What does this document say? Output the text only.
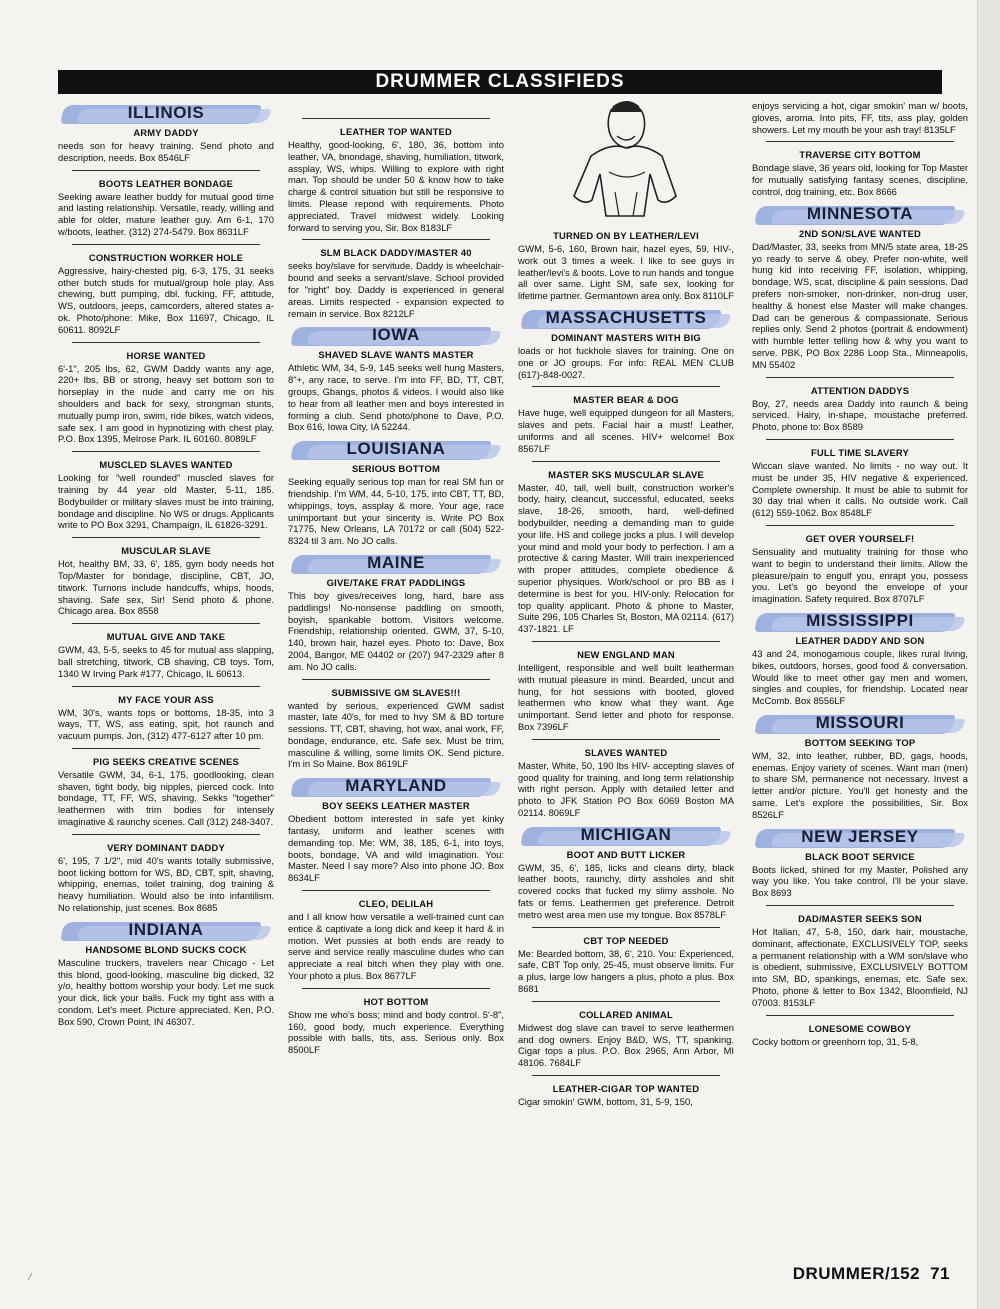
DRUMMER CLASSIFIEDS
ILLINOIS
ARMY DADDY

needs son for heavy training. Send photo and description, needs. Box 8546LF

BOOTS LEATHER BONDAGE

Seeking aware leather buddy for mutual good time and lasting relationship. Versatile, ready, willing and able for older, mature leather guy. Am 6-1, 170 w/boots, leather. (312) 274-5479. Box 8631LF

CONSTRUCTION WORKER HOLE

Aggressive, hairy-chested pig, 6-3, 175, 31 seeks other butch studs for mutual/group hole play. Ass chewing, butt pumping, dbl. fucking, FF, attitude, WS, outdoors, jeeps, camcorders, altered states a-ok. Photo/phone: Mike, Box 11697, Chicago, IL 60611. 8092LF

HORSE WANTED

6'-1", 205 lbs, 62, GWM Daddy wants any age, 220+ lbs, BB or strong, heavy set bottom son to horseplay in the nude and carry me on his shoulders and back for sexy, strongman stunts, mutually pump iron, swim, ride bikes, watch videos, safe sex. I am good in hypnotizing with chest play. P.O. Box 1395, Melrose Park. IL 60160. 8089LF

MUSCLED SLAVES WANTED

Looking for "well rounded" muscled slaves for training by 44 year old Master, 5-11, 185. Bodybuilder or military slaves must be into training, bondage and discipline. No WS or drugs. Applicants write to PO Box 3291, Champaign, IL 61826-3291.

MUSCULAR SLAVE

Hot, healthy BM, 33, 6', 185, gym body needs hot Top/Master for bondage, discipline, CBT, JO, titwork. Turnons include handcuffs, whips, hoods, shaving. Safe sex, Sir! Send photo & phone. Chicago area. Box 8558

MUTUAL GIVE AND TAKE

GWM, 43, 5-5, seeks to 45 for mutual ass slapping, ball stretching, titwork, CB shaving, CB toys. Tom, 1340 W Irving Park #177, Chicago, IL 60613.

MY FACE YOUR ASS

WM, 30's, wants tops or bottoms, 18-35, into 3 ways, TT, WS, ass eating, spit, hot raunch and vacuum pumps. Jon, (312) 477-6127 after 10 pm.

PIG SEEKS CREATIVE SCENES

Versatile GWM, 34, 6-1, 175, goodlooking, clean shaven, tight body, big nipples, pierced cock. Into bondage, TT, FF, WS, shaving. Sekks "together" leathermen with trim bodies for intensely imaginative & raunchy scenes. Call (312) 248-3407.

VERY DOMINANT DADDY

6', 195, 7 1/2", mid 40's wants totally submissive, boot licking bottom for WS, BD, CBT, spit, shaving, whipping, enemas, toilet training, dog training & heavy humiliation. Would also be into infantilism. No relationship, just scenes. Box 8685

INDIANA
HANDSOME BLOND SUCKS COCK

Masculine truckers, travelers near Chicago - Let this blond, good-looking, masculine big dicked, 32 y/o, healthy bottom worship your body. Let me suck your dick, lick your balls. Fuck my tight ass with a condom. Let's meet. Picture appreciated. Ken, P.O. Box 590, Crown Point, IN 46307.

LEATHER TOP WANTED

Healthy, good-looking, 6', 180, 36, bottom into leather, VA, bnondage, shaving, humiliation, titwork, assplay, WS, whips. Willing to explore with right man. Top should be under 50 & know how to take charge & control situation but still be responsive to limits. Please repond with requirements. Photo appreciated. Travel midwest widely. Looking forward to serving you, Sir. Box 8183LF

SLM BLACK DADDY/MASTER 40

seeks boy/slave for servitude. Daddy is wheelchair-bound and seeks a servant/slave. School provided for "right" boy. Daddy is experienced in general areas. Limits respected - expansion expected to remain in service. Box 8212LF

IOWA
SHAVED SLAVE WANTS MASTER

Athletic WM, 34, 5-9, 145 seeks well hung Masters, 8"+, any race, to serve. I'm into FF, BD, TT, CBT, groups, Gbangs, photos & videos. I would also like to hear from all leather men and boys interested in forming a club. Send photo/phone to Dave, P.O. Box 616, Iowa City, IA 52244.

LOUISIANA
SERIOUS BOTTOM

Seeking equally serious top man for real SM fun or friendship. I'm WM, 44, 5-10, 175, into CBT, TT, BD, whippings, toys, assplay & more. Your age, race unimportant but your sincerity is. Write PO Box 71775, New Orleans, LA 70172 or call (504) 522-8324 til 3 am. No JO calls.

MAINE
GIVE/TAKE FRAT PADDLINGS

This boy gives/receives long, hard, bare ass paddlings! No-nonsense paddling on smooth, boyish, spankable bottom. Visitors welcome. Friendship, relationship oriented. GWM, 37, 5-10, 140, brown hair, hazel eyes. Photo to: Dave, Box 2004, Bangor, ME 04402 or (207) 947-2329 after 8 am. No JO calls.

SUBMISSIVE GM SLAVES!!!

wanted by serious, experienced GWM sadist master, late 40's, for med to hvy SM & BD torture sessions. TT, CBT, shaving, hot wax, anal work, FF, bondage, endurance, etc. Safe sex. Must be trim, masculine & willing, some limits OK. Send picture. I'm in So Maine. Box 8619LF

MARYLAND
BOY SEEKS LEATHER MASTER

Obedient bottom interested in safe yet kinky fantasy, uniform and leather scenes with demanding top. Me: WM, 38, 185, 6-1, into toys, boots, bondage, VA and wild imagination. You: Master. Need I say more? Also into phone JO. Box 8634LF

CLEO, DELILAH

and I all know how versatile a well-trained cunt can entice & captivate a long dick and keep it hard & in motion. Wet pussies at both ends are ready to serve and service really masculine dudes who can appreciate a real bitch when they play with one. Your photo a plus. Box 8677LF

HOT BOTTOM

Show me who's boss; mind and body control. 5'-8", 160, good body, much experience. Everything possible with balls, tits, ass. Serious only. Box 8500LF

TURNED ON BY LEATHER/LEVI

GWM, 5-6, 160, Brown hair, hazel eyes, 59, HIV-, work out 3 times a week. I like to see guys in leather/levi's & boots. Love to run hands and tongue all over same. Light SM, safe sex, looking for lifetime partner. Germantown area only. Box 8110LF

MASSACHUSETTS
DOMINANT MASTERS WITH BIG

loads or hot fuckhole slaves for training. One on one or JO groups. For info: REAL MEN CLUB (617)-848-0027.

MASTER BEAR & DOG

Have huge, well equipped dungeon for all Masters, slaves and pets. Facial hair a must! Leather, uniforms and all scenes. HIV+ welcome! Box 8567LF

MASTER SKS MUSCULAR SLAVE

Master, 40, tall, well built, construction worker's body, hairy, cleancut, successful, educated, seeks slave, 18-26, smooth, hard, well-defined bodybuilder, needing a demanding man to guide your life. HS and college jocks a plus. I will develop your mind and mold your body to perfection. I am a protective & caring Master. Will train inexperienced with proper attitudes, complete obedience & superior physiques. Work/school or pro BB as I determine is best for you. HIV-only. Relocation for top quality applicant. Photo & phone to Master, Suite 296, 105 Charles St, Boston, MA 02114. (617) 437-1821. LF

NEW ENGLAND MAN

Intelligent, responsible and well built leatherman with mutual pleasure in mind. Bearded, uncut and hung, for hot sessions with booted, gloved leathermen who know what they want. Age unimportant. Send letter and photo for response. Box 7396LF

SLAVES WANTED

Master, White, 50, 190 lbs HIV- accepting slaves of good quality for training, and long term relationship with right person. Apply with detailed letter and photo to JFK Station PO Box 6069 Boston MA 02114. 8069LF

MICHIGAN
BOOT AND BUTT LICKER

GWM, 35, 6', 185, licks and cleans dirty, black leather boots, raunchy, dirty assholes and shit covered cocks that fucked my slimy asshole. No fats or fems. Leathermen get preference. Detroit metro west area men use my tongue. Box 8578LF

CBT TOP NEEDED

Me: Bearded bottom, 38, 6', 210. You: Experienced, safe, CBT Top only, 25-45, must observe limits. Fur a plus, large low hangers a plus, photo a plus. Box 8681

COLLARED ANIMAL

Midwest dog slave can travel to serve leathermen and dog owners. Enjoy B&D, WS, TT, spanking. Cigar tops a plus. P.O. Box 2965, Ann Arbor, MI 48106. 7684LF

LEATHER-CIGAR TOP WANTED

Cigar smokin' GWM, bottom, 31, 5-9, 150,

enjoys servicing a hot, cigar smokin' man w/ boots, gloves, aroma. Into pits, FF, tits, ass play, golden showers. Let my mouth be your ash tray! 8135LF

TRAVERSE CITY BOTTOM

Bondage slave, 36 years old, looking for Top Master for mutually satisfying fantasy scenes, discipline, control, dog training, etc. Box 8666

MINNESOTA
2ND SON/SLAVE WANTED

Dad/Master, 33, seeks from MN/5 state area, 18-25 yo ready to serve & obey. Prefer non-white, well hung kid into receiving FF, isolation, whipping, bondage, WS, scat, discipline & pain sessions. Dad prefers non-smoker, non-drinker, non-drug user, healthy & honest else Master will make changes. Dad can be generous & compassionate. Serious replies only. Send 2 photos (portrait & endowment) with humble letter telling how & why you want to serve. PBK, PO Box 2286 Loop Sta., Minneapolis, MN 55402

ATTENTION DADDYS

Boy, 27, needs area Daddy into raunch & being serviced. Hairy, in-shape, moustache preferred. Photo, phone to: Box 8589

FULL TIME SLAVERY

Wiccan slave wanted. No limits - no way out. It must be under 35, HIV negative & experienced. Complete ownership. It must be able to submit for 30 day trial when it calls. No outside work. Call (612) 559-1062. Box 8548LF

GET OVER YOURSELF!

Sensuality and mutuality training for those who want to begin to understand their limits. Allow the pleasure/pain to engulf you, enrapt you, possess you. Let's go beyond the envelope of your imagination. Safety required. Box 8707LF

MISSISSIPPI
LEATHER DADDY AND SON

43 and 24, monogamous couple, likes rural living, bikes, outdoors, horses, good food & conversation. Would like to meet other gay men and women, singles and couples, for friendship. Located near McComb. Box 8556LF

MISSOURI
BOTTOM SEEKING TOP

WM, 32, into leather, rubber, BD, gags, hoods, enemas. Enjoy variety of scenes. Want man (men) to share SM, permanence not necessary. Invest a letter and/or picture. You'll get honesty and the same. Let's explore the possibilities, Sir. Box 8526LF

NEW JERSEY
BLACK BOOT SERVICE

Boots licked, shined for my Master, Polished any way you like. You take control, I'll be your slave. Box 8693

DAD/MASTER SEEKS SON

Hot Italian, 47, 5-8, 150, dark hair, moustache, dominant, affectionate, EXCLUSIVELY TOP, seeks a permanent relationship with a WM son/slave who is obedient, submissive, EXCLUSIVELY BOTTOM into SM, BD, spankings, enemas, etc. Safe sex. Photo, phone & letter to Box 1342, Bloomfield, NJ 07003. 8153LF

LONESOME COWBOY

Cocky bottom or greenhorn top, 31, 5-8,

DRUMMER/152 71
